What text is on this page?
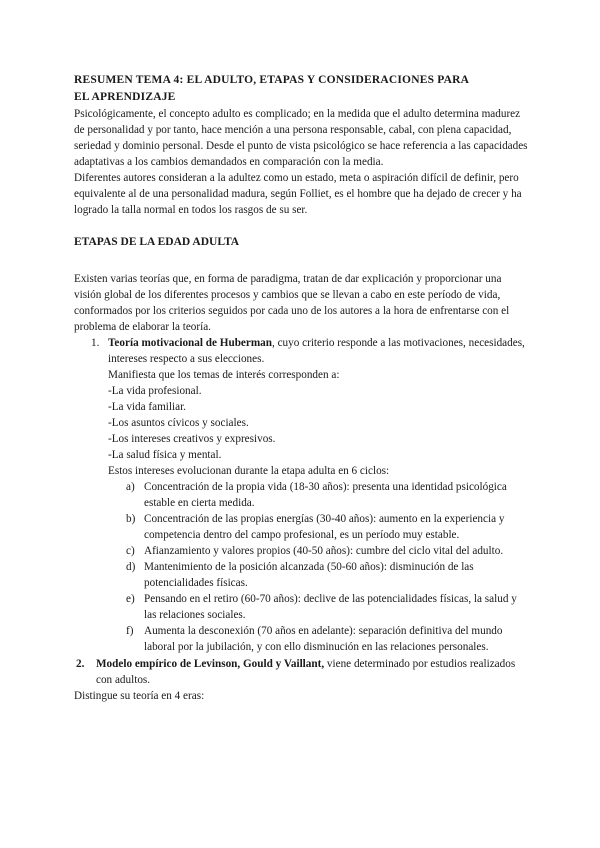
RESUMEN TEMA 4: EL ADULTO, ETAPAS Y CONSIDERACIONES PARA
EL APRENDIZAJE

Psicológicamente, el concepto adulto es complicado; en la medida que el adulto determina madurez de personalidad y por tanto, hace mención a una persona responsable, cabal, con plena capacidad, seriedad y dominio personal. Desde el punto de vista psicológico se hace referencia a las capacidades adaptativas a los cambios demandados en comparación con la media.

Diferentes autores consideran a la adultez como un estado, meta o aspiración difícil de definir, pero equivalente al de una personalidad madura, según Folliet, es el hombre que ha dejado de crecer y ha logrado la talla normal en todos los rasgos de su ser.

ETAPAS DE LA EDAD ADULTA

Existen varias teorías que, en forma de paradigma, tratan de dar explicación y proporcionar una visión global de los diferentes procesos y cambios que se llevan a cabo en este período de vida, conformados por los criterios seguidos por cada uno de los autores a la hora de enfrentarse con el problema de elaborar la teoría.

1. Teoría motivacional de Huberman, cuyo criterio responde a las motivaciones, necesidades, intereses respecto a sus elecciones.

Manifiesta que los temas de interés corresponden a:

-La vida profesional.

-La vida familiar.

-Los asuntos cívicos y sociales.

-Los intereses creativos y expresivos.

-La salud física y mental.

Estos intereses evolucionan durante la etapa adulta en 6 ciclos:

a) Concentración de la propia vida (18-30 años): presenta una identidad psicológica estable en cierta medida.
b) Concentración de las propias energías (30-40 años): aumento en la experiencia y competencia dentro del campo profesional, es un período muy estable.
c) Afianzamiento y valores propios (40-50 años): cumbre del ciclo vital del adulto.
d) Mantenimiento de la posición alcanzada (50-60 años): disminución de las potencialidades físicas.
e) Pensando en el retiro (60-70 años): declive de las potencialidades físicas, la salud y las relaciones sociales.
f) Aumenta la desconexión (70 años en adelante): separación definitiva del mundo laboral por la jubilación, y con ello disminución en las relaciones personales.
2. Modelo empírico de Levinson, Gould y Vaillant, viene determinado por estudios realizados con adultos.

Distingue su teoría en 4 eras:
